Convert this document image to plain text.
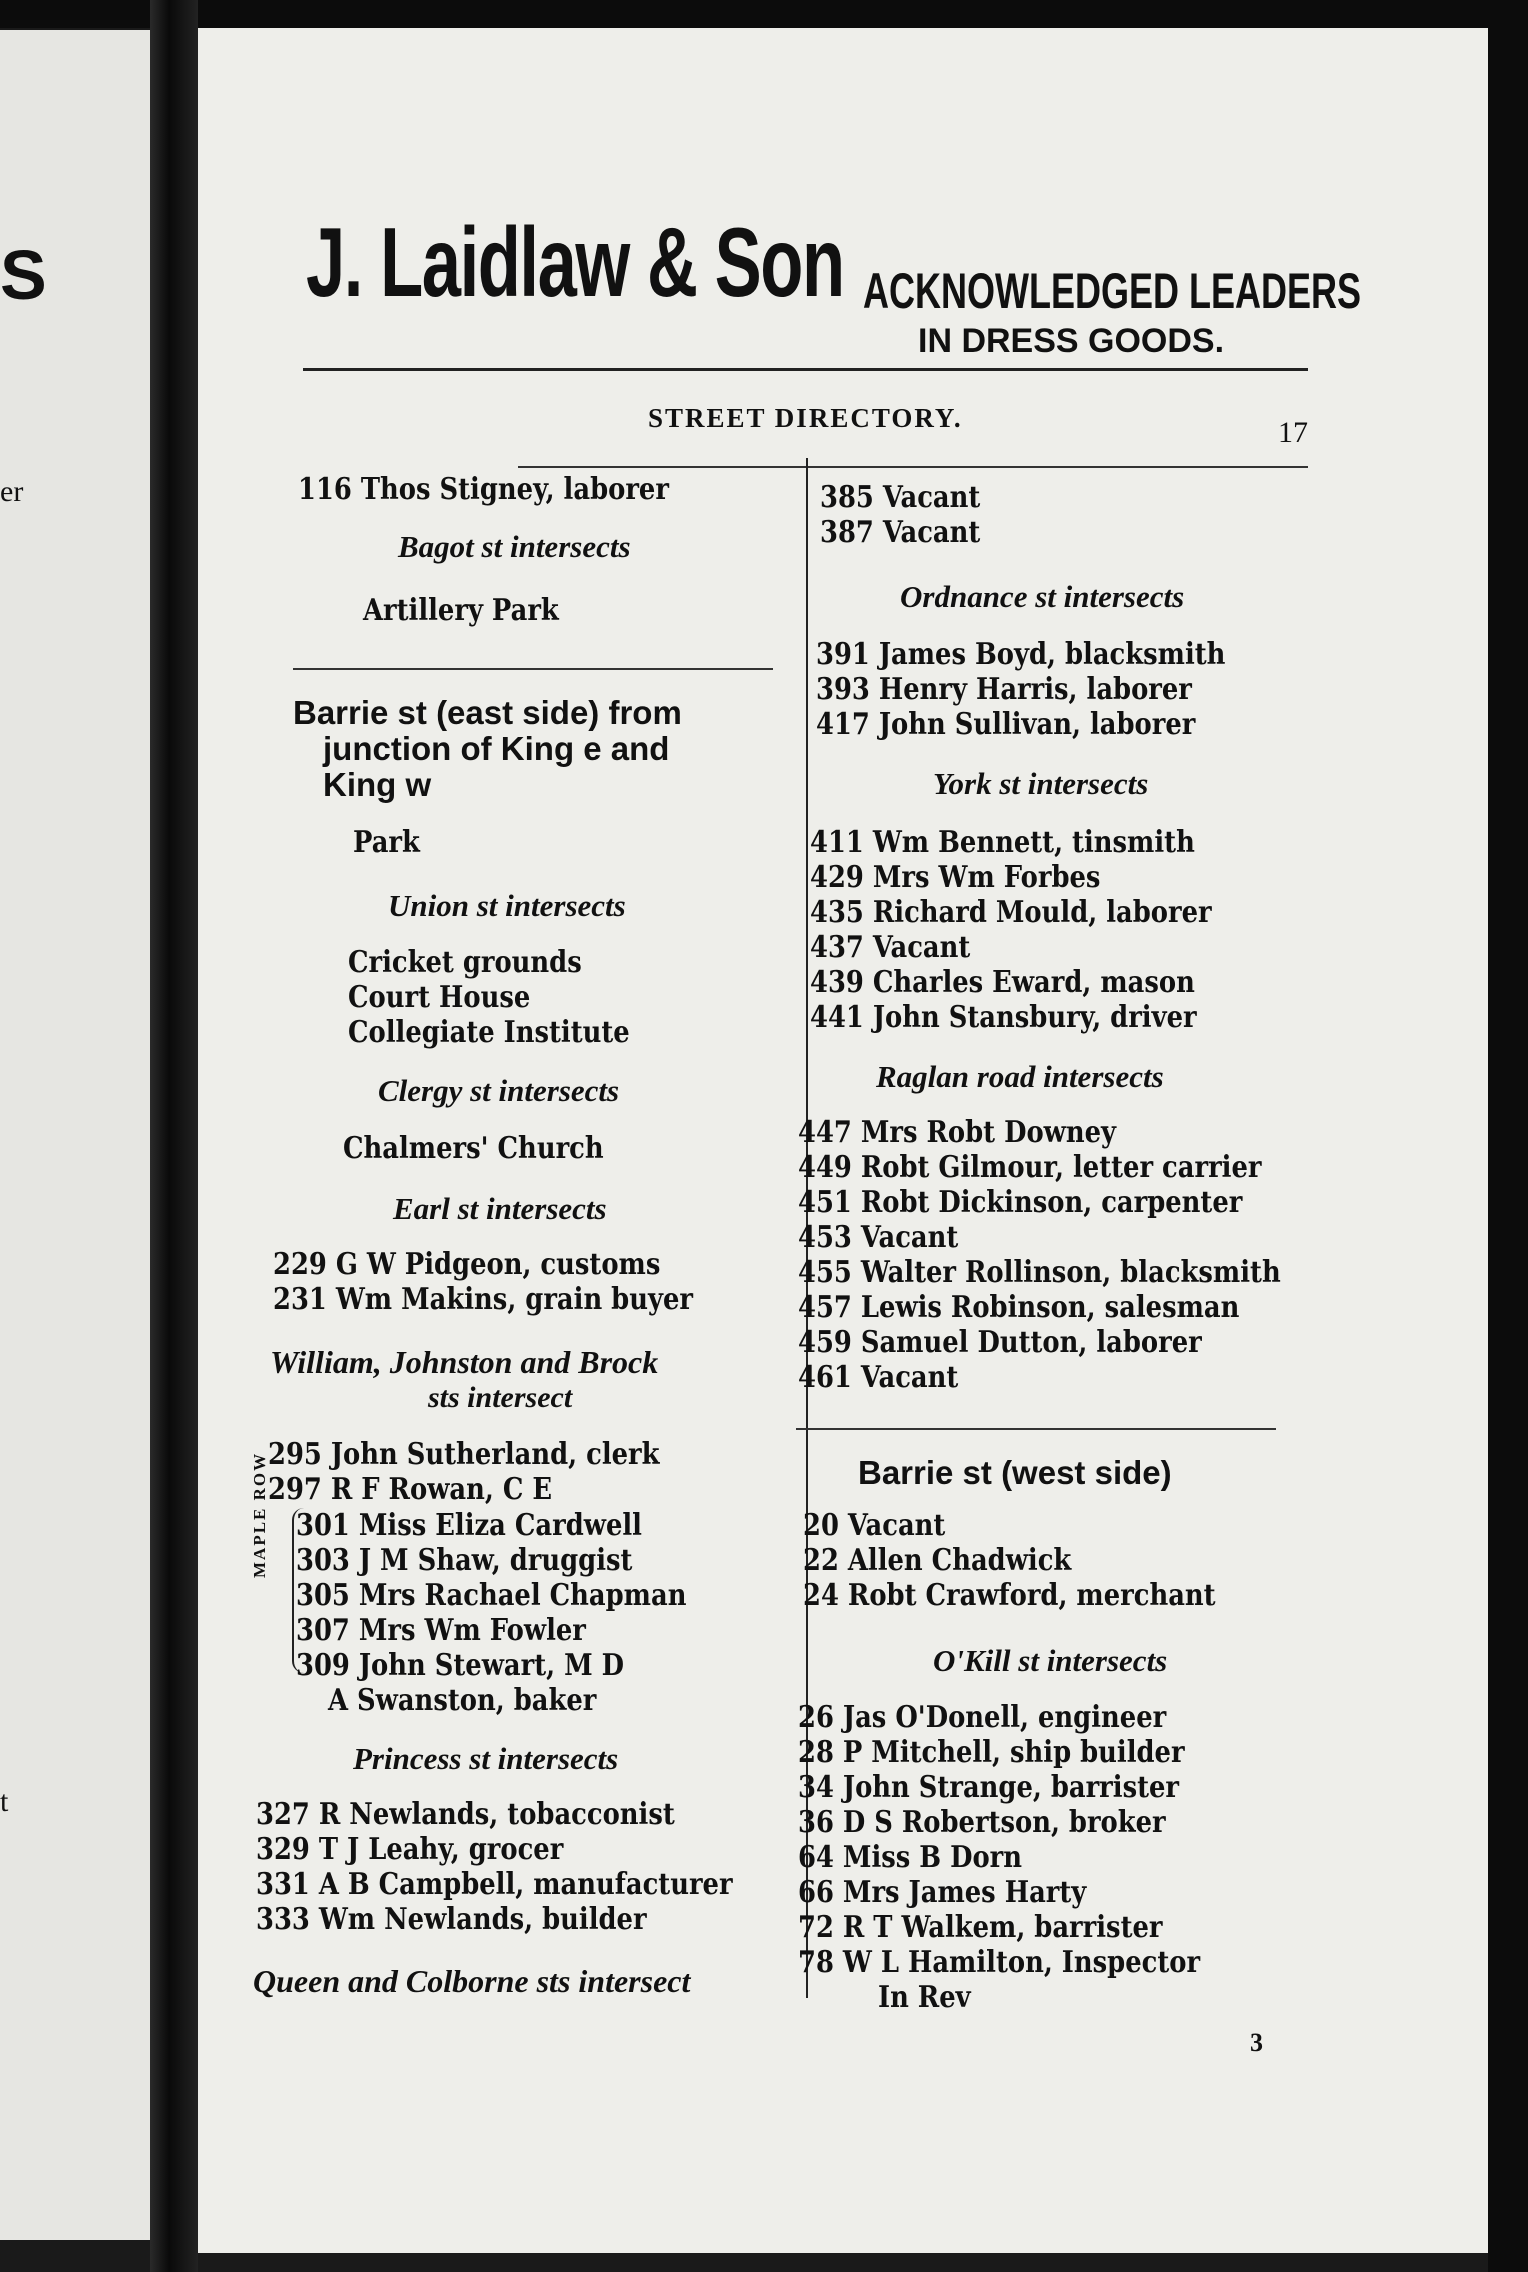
S
er
t
J. Laidlaw & Son ACKNOWLEDGED LEADERS
IN DRESS GOODS.
STREET DIRECTORY.	17
116 Thos Stigney, laborer
Bagot st intersects
Artillery Park
Barrie st (east side) from
junction of King e and
King w
Park
Union st intersects
Cricket grounds
Court House
Collegiate Institute
Clergy st intersects
Chalmers' Church
Earl st intersects
229 G W Pidgeon, customs
231 Wm Makins, grain buyer
William, Johnston and Brock
sts intersect
295 John Sutherland, clerk
297 R F Rowan, C E
MAPLE ROW 301 Miss Eliza Cardwell
303 J M Shaw, druggist
305 Mrs Rachael Chapman
307 Mrs Wm Fowler
309 John Stewart, M D
A Swanston, baker
Princess st intersects
327 R Newlands, tobacconist
329 T J Leahy, grocer
331 A B Campbell, manufacturer
333 Wm Newlands, builder
Queen and Colborne sts intersect
385 Vacant
387 Vacant
Ordnance st intersects
391 James Boyd, blacksmith
393 Henry Harris, laborer
417 John Sullivan, laborer
York st intersects
411 Wm Bennett, tinsmith
429 Mrs Wm Forbes
435 Richard Mould, laborer
437 Vacant
439 Charles Eward, mason
441 John Stansbury, driver
Raglan road intersects
447 Mrs Robt Downey
449 Robt Gilmour, letter carrier
451 Robt Dickinson, carpenter
453 Vacant
455 Walter Rollinson, blacksmith
457 Lewis Robinson, salesman
459 Samuel Dutton, laborer
461 Vacant
Barrie st (west side)
20 Vacant
22 Allen Chadwick
24 Robt Crawford, merchant
O'Kill st intersects
26 Jas O'Donell, engineer
28 P Mitchell, ship builder
34 John Strange, barrister
36 D S Robertson, broker
64 Miss B Dorn
66 Mrs James Harty
72 R T Walkem, barrister
78 W L Hamilton, Inspector
In Rev
3
